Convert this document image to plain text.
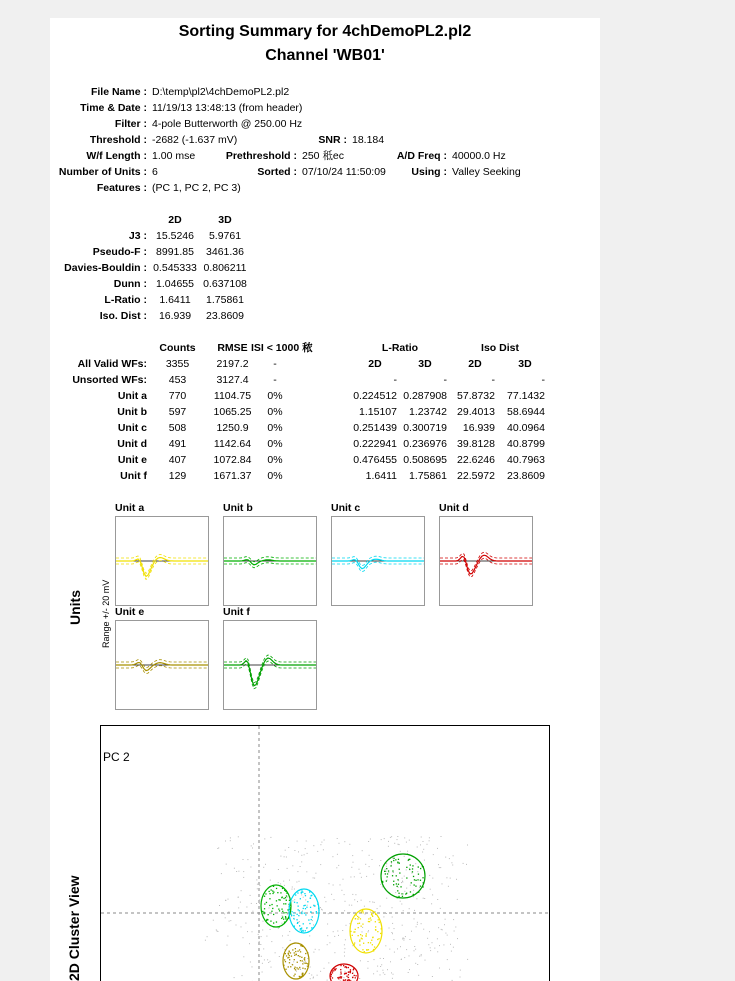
Sorting Summary for 4chDemoPL2.pl2
Channel 'WB01'
File Name : D:\temp\pl2\4chDemoPL2.pl2
Time & Date : 11/19/13 13:48:13 (from header)
Filter : 4-pole Butterworth @ 250.00 Hz
Threshold : -2682 (-1.637 mV)	SNR : 18.184
W/f Length : 1.00 mse	Prethreshold : 250 秪ec	A/D Freq : 40000.0 Hz
Number of Units : 6	Sorted : 07/10/24 11:50:09	Using : Valley Seeking
Features : (PC 1, PC 2, PC 3)
2D	3D
J3 : 15.5246	5.9761
Pseudo-F : 8991.85	3461.36
Davies-Bouldin : 0.545333 0.806211
Dunn : 1.04655 0.637108
L-Ratio :	1.6411	1.75861
Iso. Dist :	16.939	23.8609
Counts	RMSE ISI < 1000 秾	L-Ratio	Iso Dist
2D	3D	2D	3D
All Valid WFs:	3355	2197.2	-
Unsorted WFs:	453	3127.4	-	-	-	-	-
Unit a	770	1104.75	0%	0.224512 0.287908 57.8732	77.1432
Unit b	597	1065.25	0%	1.15107	1.23742 29.4013	58.6944
Unit c	508	1250.9	0%	0.251439 0.300719	16.939	40.0964
Unit d	491	1142.64	0%	0.222941 0.236976 39.8128	40.8799
Unit e	407	1072.84	0%	0.476455 0.508695 22.6246	40.7963
Unit f	129	1671.37	0%	1.6411	1.75861 22.5972	23.8609
Units Range +/- 20 mV
Unit a	Unit b	Unit c	Unit d
Unit e	Unit f
2D Cluster View
PC 2
